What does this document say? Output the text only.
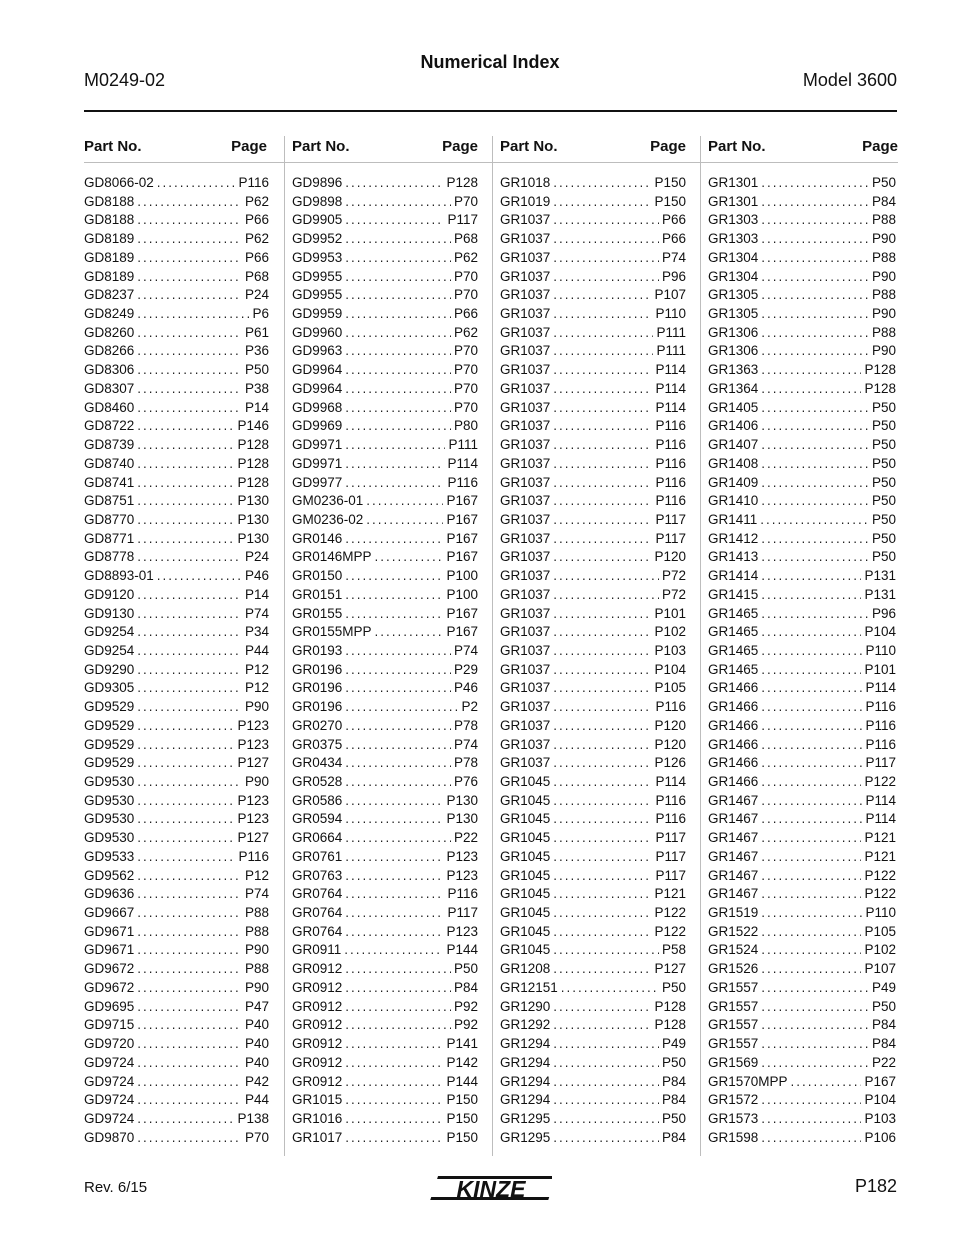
Numerical Index
M0249-02	Model 3600
Part No.	Page
GD8066-02 .....	P116
GD8188 .....	P62
GD8188 .....	P66
GD8189 .....	P62
GD8189 .....	P66
GD8189 .....	P68
GD8237 .....	P24
GD8249 .....	P6
GD8260 .....	P61
GD8266 .....	P36
GD8306 .....	P50
GD8307 .....	P38
GD8460 .....	P14
GD8722 .....	P146
GD8739 .....	P128
GD8740 .....	P128
GD8741 .....	P128
GD8751 .....	P130
GD8770 .....	P130
GD8771 .....	P130
GD8778 .....	P24
GD8893-01 .....	P46
GD9120 .....	P14
GD9130 .....	P74
GD9254 .....	P34
GD9254 .....	P44
GD9290 .....	P12
GD9305 .....	P12
GD9529 .....	P90
GD9529 .....	P123
GD9529 .....	P123
GD9529 .....	P127
GD9530 .....	P90
GD9530 .....	P123
GD9530 .....	P123
GD9530 .....	P127
GD9533 .....	P116
GD9562 .....	P12
GD9636 .....	P74
GD9667 .....	P88
GD9671 .....	P88
GD9671 .....	P90
GD9672 .....	P88
GD9672 .....	P90
GD9695 .....	P47
GD9715 .....	P40
GD9720 .....	P40
GD9724 .....	P40
GD9724 .....	P42
GD9724 .....	P44
GD9724 .....	P138
GD9870 .....	P70
Part No.	Page
GD9896 .....	P128
GD9898 .....	P70
GD9905 .....	P117
GD9952 .....	P68
GD9953 .....	P62
GD9955 .....	P70
GD9955 .....	P70
GD9959 .....	P66
GD9960 .....	P62
GD9963 .....	P70
GD9964 .....	P70
GD9964 .....	P70
GD9968 .....	P70
GD9969 .....	P80
GD9971 .....	P111
GD9971 .....	P114
GD9977 .....	P116
GM0236-01 .....	P167
GM0236-02 .....	P167
GR0146 .....	P167
GR0146MPP .....	P167
GR0150 .....	P100
GR0151 .....	P100
GR0155 .....	P167
GR0155MPP .....	P167
GR0193 .....	P74
GR0196 .....	P29
GR0196 .....	P46
GR0196 .....	P2
GR0270 .....	P78
GR0375 .....	P74
GR0434 .....	P78
GR0528 .....	P76
GR0586 .....	P130
GR0594 .....	P130
GR0664 .....	P22
GR0761 .....	P123
GR0763 .....	P123
GR0764 .....	P116
GR0764 .....	P117
GR0764 .....	P123
GR0911 .....	P144
GR0912 .....	P50
GR0912 .....	P84
GR0912 .....	P92
GR0912 .....	P92
GR0912 .....	P141
GR0912 .....	P142
GR0912 .....	P144
GR1015 .....	P150
GR1016 .....	P150
GR1017 .....	P150
Part No.	Page
GR1018 .....	P150
GR1019 .....	P150
GR1037 .....	P66
GR1037 .....	P66
GR1037 .....	P74
GR1037 .....	P96
GR1037 .....	P107
GR1037 .....	P110
GR1037 .....	P111
GR1037 .....	P111
GR1037 .....	P114
GR1037 .....	P114
GR1037 .....	P114
GR1037 .....	P116
GR1037 .....	P116
GR1037 .....	P116
GR1037 .....	P116
GR1037 .....	P116
GR1037 .....	P117
GR1037 .....	P117
GR1037 .....	P120
GR1037 .....	P72
GR1037 .....	P72
GR1037 .....	P101
GR1037 .....	P102
GR1037 .....	P103
GR1037 .....	P104
GR1037 .....	P105
GR1037 .....	P116
GR1037 .....	P120
GR1037 .....	P120
GR1037 .....	P126
GR1045 .....	P114
GR1045 .....	P116
GR1045 .....	P116
GR1045 .....	P117
GR1045 .....	P117
GR1045 .....	P117
GR1045 .....	P121
GR1045 .....	P122
GR1045 .....	P122
GR1045 .....	P58
GR1208 .....	P127
GR12151 .....	P50
GR1290 .....	P128
GR1292 .....	P128
GR1294 .....	P49
GR1294 .....	P50
GR1294 .....	P84
GR1294 .....	P84
GR1295 .....	P50
GR1295 .....	P84
Part No.	Page
GR1301 .....	P50
GR1301 .....	P84
GR1303 .....	P88
GR1303 .....	P90
GR1304 .....	P88
GR1304 .....	P90
GR1305 .....	P88
GR1305 .....	P90
GR1306 .....	P88
GR1306 .....	P90
GR1363 .....	P128
GR1364 .....	P128
GR1405 .....	P50
GR1406 .....	P50
GR1407 .....	P50
GR1408 .....	P50
GR1409 .....	P50
GR1410 .....	P50
GR1411 .....	P50
GR1412 .....	P50
GR1413 .....	P50
GR1414 .....	P131
GR1415 .....	P131
GR1465 .....	P96
GR1465 .....	P104
GR1465 .....	P110
GR1465 .....	P101
GR1466 .....	P114
GR1466 .....	P116
GR1466 .....	P116
GR1466 .....	P116
GR1466 .....	P117
GR1466 .....	P122
GR1467 .....	P114
GR1467 .....	P114
GR1467 .....	P121
GR1467 .....	P121
GR1467 .....	P122
GR1467 .....	P122
GR1519 .....	P110
GR1522 .....	P105
GR1524 .....	P102
GR1526 .....	P107
GR1557 .....	P49
GR1557 .....	P50
GR1557 .....	P84
GR1557 .....	P84
GR1569 .....	P22
GR1570MPP .....	P167
GR1572 .....	P104
GR1573 .....	P103
GR1598 .....	P106
Rev. 6/15	KINZE	P182
